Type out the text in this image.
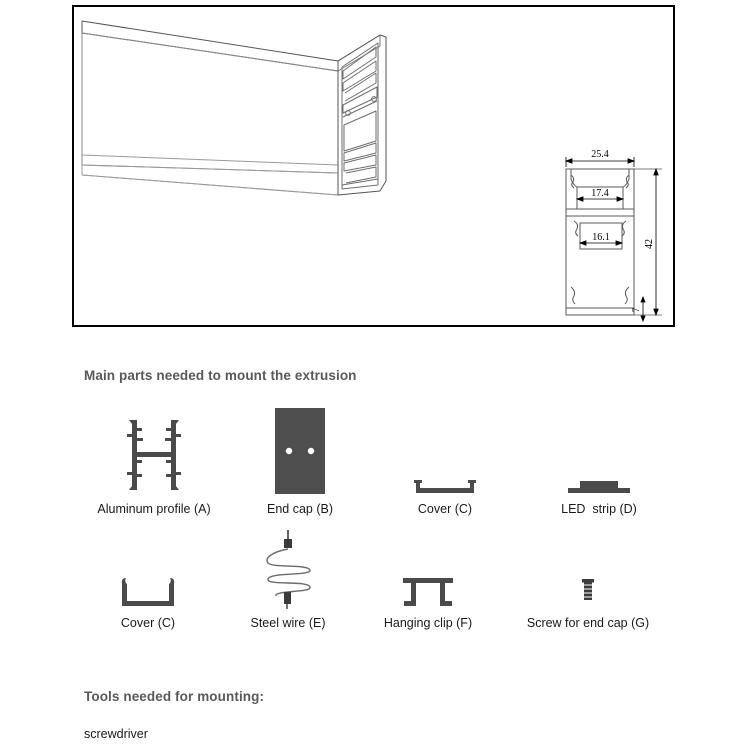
25.4
17.4
16.1
42
7
Main parts needed to mount the extrusion
Aluminum profile (A)	End cap (B)	Cover (C)	LED  strip (D)
Cover (C)	Steel wire (E)	Hanging clip (F)	Screw for end cap (G)
Tools needed for mounting:
screwdriver
